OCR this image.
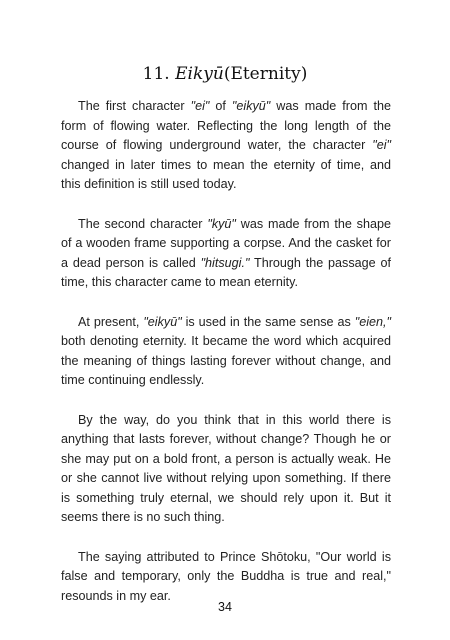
11. Eikyū(Eternity)

The first character "ei" of "eikyū" was made from the form of flowing water. Reflecting the long length of the course of flowing underground water, the character "ei" changed in later times to mean the eternity of time, and this definition is still used today.

The second character "kyū" was made from the shape of a wooden frame supporting a corpse. And the casket for a dead person is called "hitsugi." Through the passage of time, this character came to mean eternity.

At present, "eikyū" is used in the same sense as "eien," both denoting eternity. It became the word which acquired the meaning of things lasting forever without change, and time continuing endlessly.

By the way, do you think that in this world there is anything that lasts forever, without change? Though he or she may put on a bold front, a person is actually weak. He or she cannot live without relying upon something. If there is something truly eternal, we should rely upon it. But it seems there is no such thing.

The saying attributed to Prince Shōtoku, "Our world is false and temporary, only the Buddha is true and real," resounds in my ear.

34
